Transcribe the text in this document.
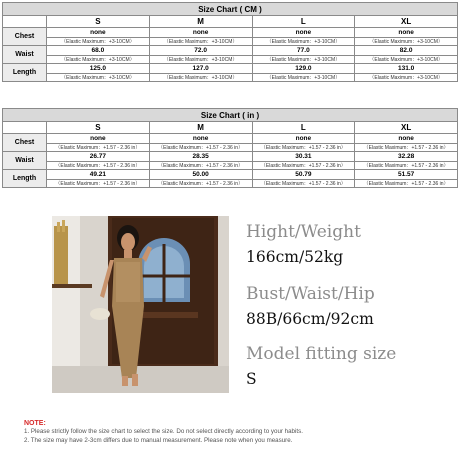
Size Chart ( CM )				
	S	M	L	XL
Chest	none	none	none	none
	（Elastic Maximum：+3-10CM）	（Elastic Maximum：+3-10CM）	（Elastic Maximum：+3-10CM）	（Elastic Maximum：+3-10CM）
Waist	68.0	72.0	77.0	82.0
	（Elastic Maximum：+3-10CM）	（Elastic Maximum：+3-10CM）	（Elastic Maximum：+3-10CM）	（Elastic Maximum：+3-10CM）
Length	125.0	127.0	129.0	131.0
	（Elastic Maximum：+3-10CM）	（Elastic Maximum：+3-10CM）	（Elastic Maximum：+3-10CM）	（Elastic Maximum：+3-10CM）
Size Chart ( in )				
	S	M	L	XL
Chest	none	none	none	none
	（Elastic Maximum：+1.57 - 2.36 in）	（Elastic Maximum：+1.57 - 2.36 in）	（Elastic Maximum：+1.57 - 2.36 in）	（Elastic Maximum：+1.57 - 2.36 in）
Waist	26.77	28.35	30.31	32.28
	（Elastic Maximum：+1.57 - 2.36 in）	（Elastic Maximum：+1.57 - 2.36 in）	（Elastic Maximum：+1.57 - 2.36 in）	（Elastic Maximum：+1.57 - 2.36 in）
Length	49.21	50.00	50.79	51.57
	（Elastic Maximum：+1.57 - 2.36 in）	（Elastic Maximum：+1.57 - 2.36 in）	（Elastic Maximum：+1.57 - 2.36 in）	（Elastic Maximum：+1.57 - 2.36 in）
Hight/Weight
166cm/52kg
Bust/Waist/Hip
88B/66cm/92cm
Model fitting size
S
NOTE:
1. Please strictly follow the size chart to select the size. Do not select directly according to your habits.
2. The size may have 2-3cm differs due to manual measurement. Please note when you measure.
